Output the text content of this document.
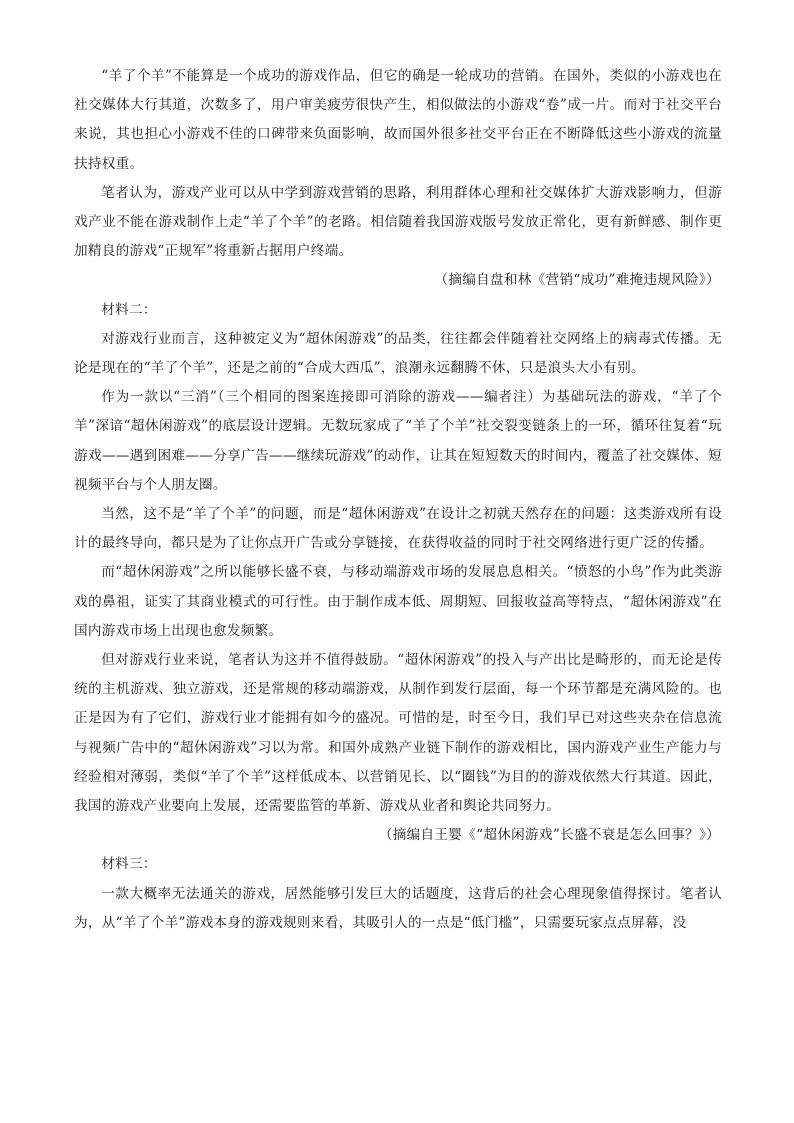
“羊了个羊”不能算是一个成功的游戏作品，但它的确是一轮成功的营销。在国外，类似的小游戏也在社交媒体大行其道，次数多了，用户审美疲劳很快产生，相似做法的小游戏“卷”成一片。而对于社交平台来说，其也担心小游戏不佳的口碑带来负面影响，故而国外很多社交平台正在不断降低这些小游戏的流量扶持权重。

笔者认为，游戏产业可以从中学到游戏营销的思路，利用群体心理和社交媒体扩大游戏影响力，但游戏产业不能在游戏制作上走“羊了个羊”的老路。相信随着我国游戏版号发放正常化，更有新鲜感、制作更加精良的游戏“正规军”将重新占据用户终端。

（摘编自盘和林《营销“成功”难掩违规风险》）

材料二：

对游戏行业而言，这种被定义为“超休闲游戏”的品类，往往都会伴随着社交网络上的病毒式传播。无论是现在的“羊了个羊”，还是之前的“合成大西瓜”，浪潮永远翻腾不休，只是浪头大小有别。

作为一款以“三消”（三个相同的图案连接即可消除的游戏——编者注）为基础玩法的游戏，“羊了个羊”深谙“超休闲游戏”的底层设计逻辑。无数玩家成了“羊了个羊”社交裂变链条上的一环，循环往复着“玩游戏——遇到困难——分享广告——继续玩游戏”的动作，让其在短短数天的时间内，覆盖了社交媒体、短视频平台与个人朋友圈。

当然，这不是“羊了个羊”的问题，而是“超休闲游戏”在设计之初就天然存在的问题：这类游戏所有设计的最终导向，都只是为了让你点开广告或分享链接，在获得收益的同时于社交网络进行更广泛的传播。

而“超休闲游戏”之所以能够长盛不衰，与移动端游戏市场的发展息息相关。“愤怒的小鸟”作为此类游戏的鼻祖，证实了其商业模式的可行性。由于制作成本低、周期短、回报收益高等特点，“超休闲游戏”在国内游戏市场上出现也愈发频繁。

但对游戏行业来说，笔者认为这并不值得鼓励。“超休闲游戏”的投入与产出比是畸形的，而无论是传统的主机游戏、独立游戏，还是常规的移动端游戏，从制作到发行层面，每一个环节都是充满风险的。也正是因为有了它们，游戏行业才能拥有如今的盛况。可惜的是，时至今日，我们早已对这些夹杂在信息流与视频广告中的“超休闲游戏”习以为常。和国外成熟产业链下制作的游戏相比，国内游戏产业生产能力与经验相对薄弱，类似“羊了个羊”这样低成本、以营销见长、以“圈钱”为目的的游戏依然大行其道。因此，我国的游戏产业要向上发展，还需要监管的革新、游戏从业者和舆论共同努力。

（摘编自王婴《“超休闲游戏”长盛不衰是怎么回事？》）

材料三：

一款大概率无法通关的游戏，居然能够引发巨大的话题度，这背后的社会心理现象值得探讨。笔者认为，从“羊了个羊”游戏本身的游戏规则来看，其吸引人的一点是“低门槛”，只需要玩家点点屏幕，没
